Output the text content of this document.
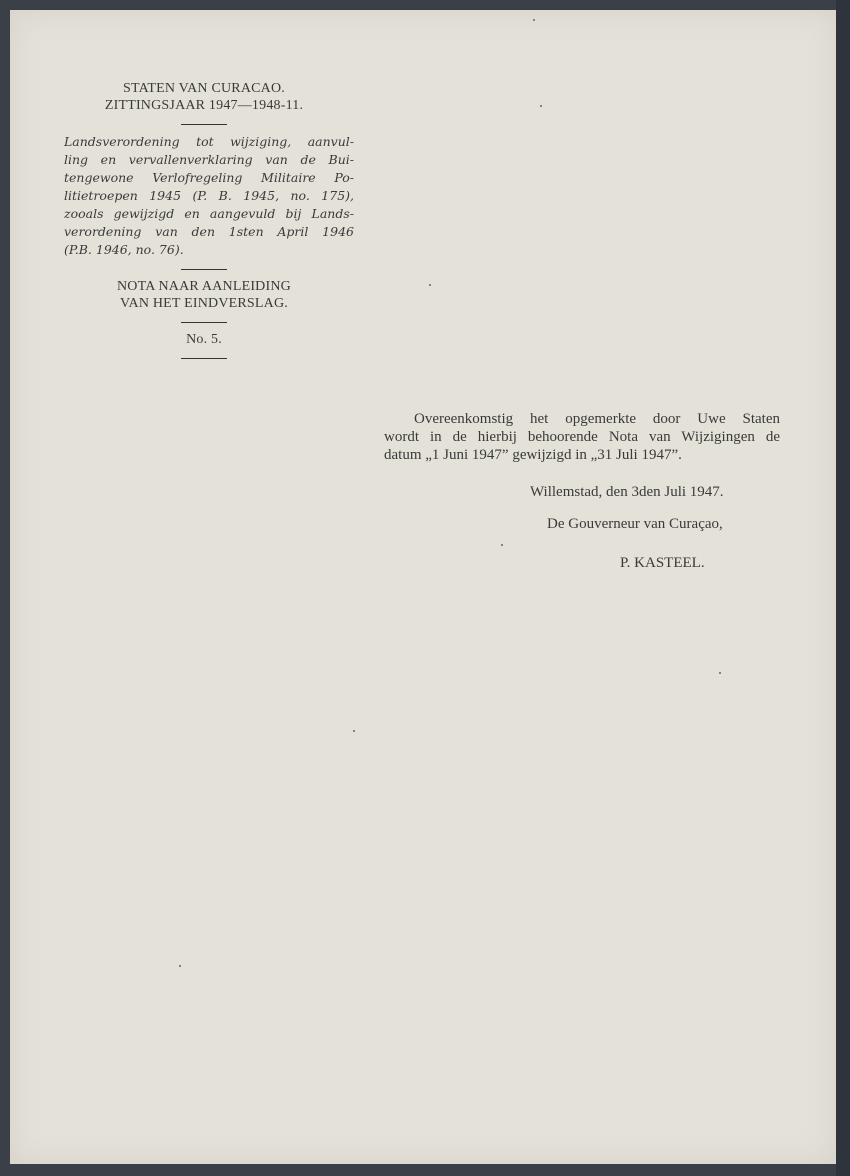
STATEN VAN CURACAO.
ZITTINGSJAAR 1947—1948-11.
Landsverordening tot wijziging, aanvul-
ling en vervallenverklaring van de Bui-
tengewone Verlofregeling Militaire Po-
litietroepen 1945 (P. B. 1945, no. 175),
zooals gewijzigd en aangevuld bij Lands-
verordening van den 1sten April 1946
(P.B. 1946, no. 76).
NOTA NAAR AANLEIDING
VAN HET EINDVERSLAG.
No. 5.
Overeenkomstig het opgemerkte door Uwe Staten
wordt in de hierbij behoorende Nota van Wijzigingen de
datum „1 Juni 1947” gewijzigd in „31 Juli 1947”.
Willemstad, den 3den Juli 1947.
De Gouverneur van Curaçao,
P. KASTEEL.
